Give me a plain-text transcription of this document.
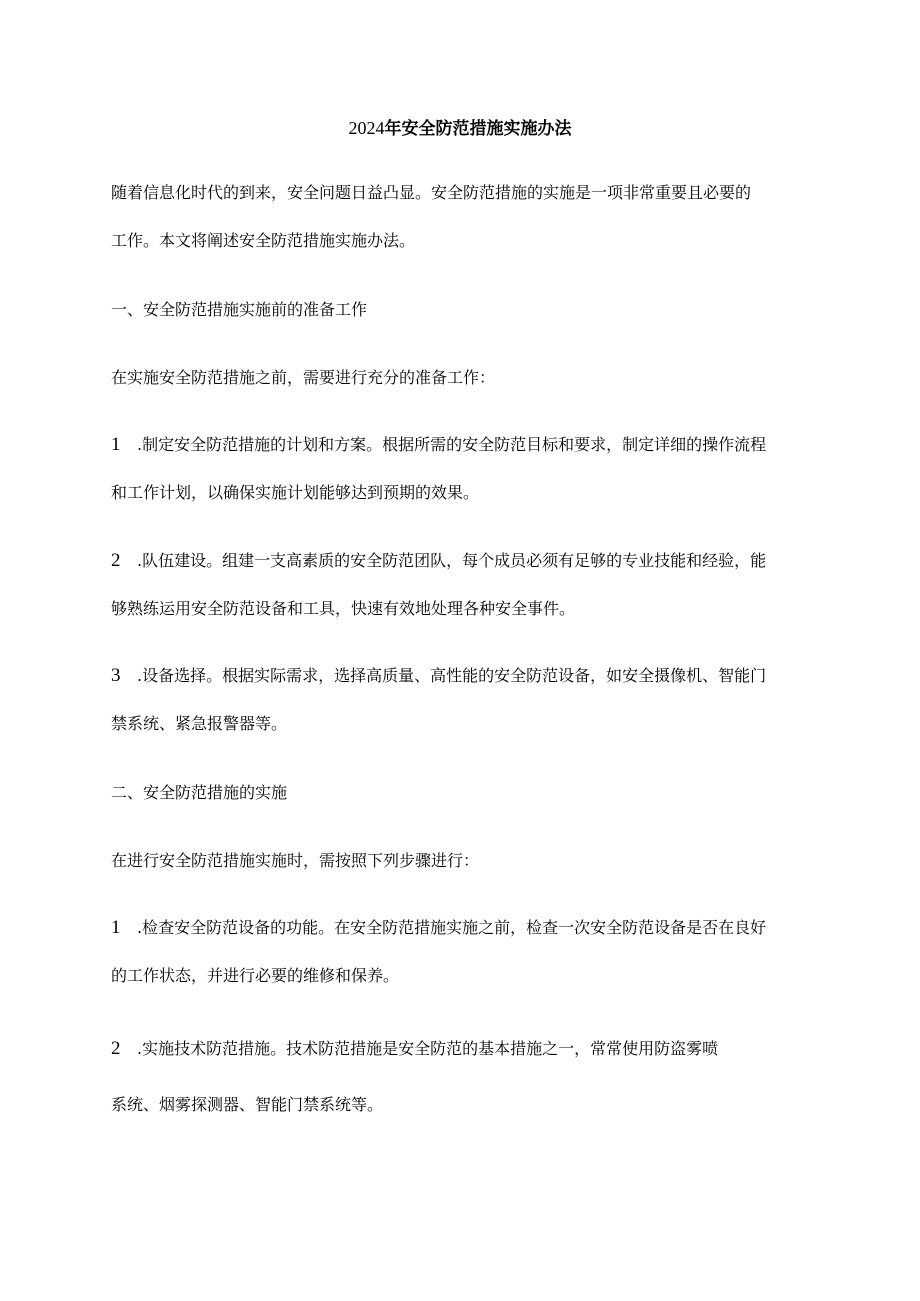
2024年安全防范措施实施办法
随着信息化时代的到来，安全问题日益凸显。安全防范措施的实施是一项非常重要且必要的
工作。本文将阐述安全防范措施实施办法。
一、安全防范措施实施前的准备工作
在实施安全防范措施之前，需要进行充分的准备工作：
1 .制定安全防范措施的计划和方案。根据所需的安全防范目标和要求，制定详细的操作流程
和工作计划，以确保实施计划能够达到预期的效果。
2 .队伍建设。组建一支高素质的安全防范团队，每个成员必须有足够的专业技能和经验，能
够熟练运用安全防范设备和工具，快速有效地处理各种安全事件。
3 .设备选择。根据实际需求，选择高质量、高性能的安全防范设备，如安全摄像机、智能门
禁系统、紧急报警器等。
二、安全防范措施的实施
在进行安全防范措施实施时，需按照下列步骤进行：
1 .检查安全防范设备的功能。在安全防范措施实施之前，检查一次安全防范设备是否在良好
的工作状态，并进行必要的维修和保养。
2 .实施技术防范措施。技术防范措施是安全防范的基本措施之一，常常使用防盗雾喷
系统、烟雾探测器、智能门禁系统等。
